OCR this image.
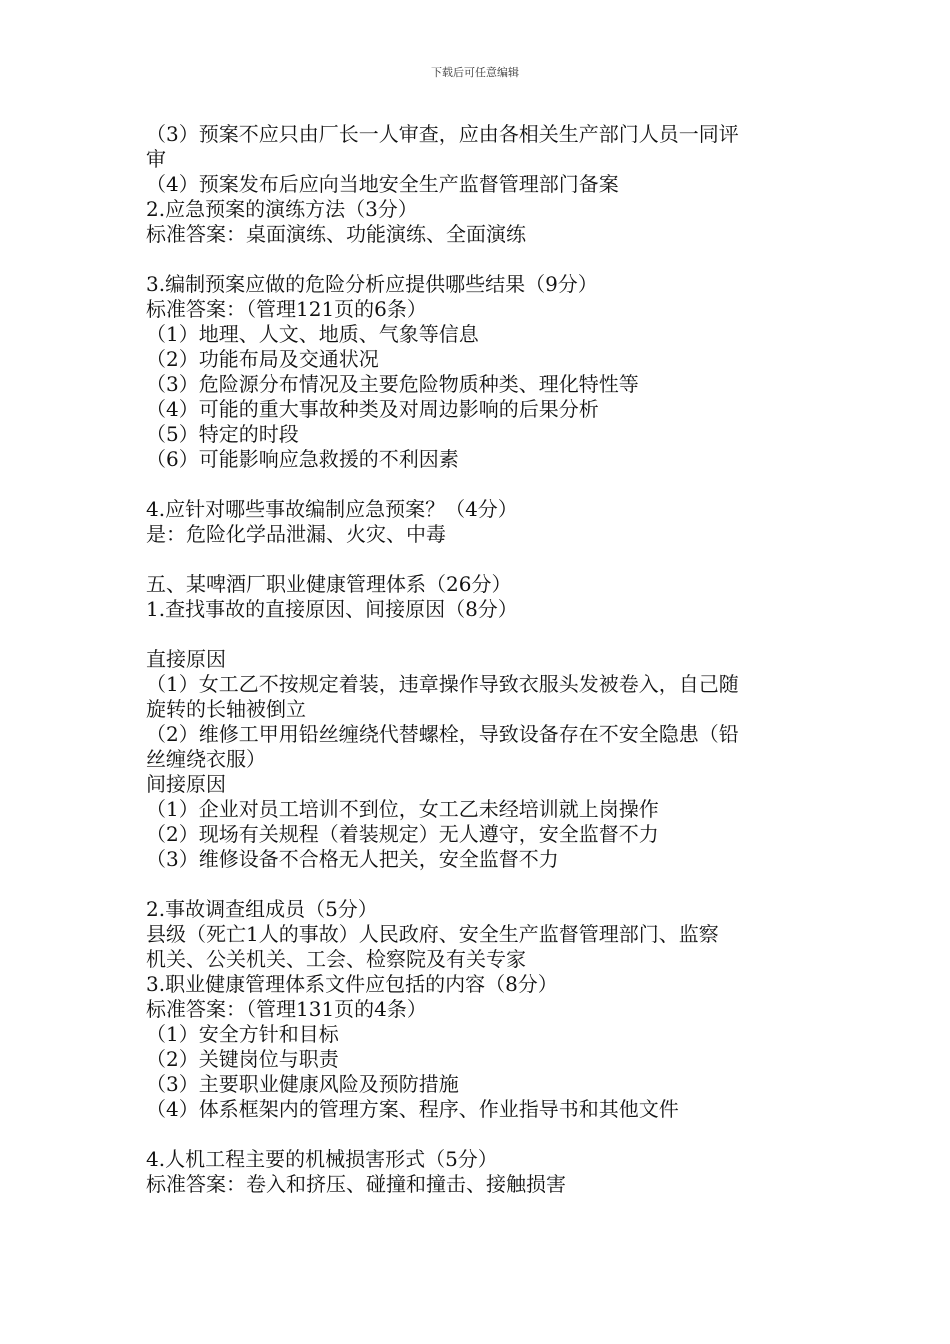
下载后可任意编辑
（3）预案不应只由厂长一人审查，应由各相关生产部门人员一同评
审
（4）预案发布后应向当地安全生产监督管理部门备案
2.应急预案的演练方法（3分）
标准答案：桌面演练、功能演练、全面演练
3.编制预案应做的危险分析应提供哪些结果（9分）
标准答案：（管理121页的6条）
（1）地理、人文、地质、气象等信息
（2）功能布局及交通状况
（3）危险源分布情况及主要危险物质种类、理化特性等
（4）可能的重大事故种类及对周边影响的后果分析
（5）特定的时段
（6）可能影响应急救援的不利因素
4.应针对哪些事故编制应急预案？（4分）
是：危险化学品泄漏、火灾、中毒
五、某啤酒厂职业健康管理体系（26分）
1.查找事故的直接原因、间接原因（8分）
直接原因
（1）女工乙不按规定着装，违章操作导致衣服头发被卷入，自己随
旋转的长轴被倒立
（2）维修工甲用铅丝缠绕代替螺栓，导致设备存在不安全隐患（铅
丝缠绕衣服）
间接原因
（1）企业对员工培训不到位，女工乙未经培训就上岗操作
（2）现场有关规程（着装规定）无人遵守，安全监督不力
（3）维修设备不合格无人把关，安全监督不力
2.事故调查组成员（5分）
县级（死亡1人的事故）人民政府、安全生产监督管理部门、监察
机关、公关机关、工会、检察院及有关专家
3.职业健康管理体系文件应包括的内容（8分）
标准答案：（管理131页的4条）
（1）安全方针和目标
（2）关键岗位与职责
（3）主要职业健康风险及预防措施
（4）体系框架内的管理方案、程序、作业指导书和其他文件
4.人机工程主要的机械损害形式（5分）
标准答案：卷入和挤压、碰撞和撞击、接触损害
